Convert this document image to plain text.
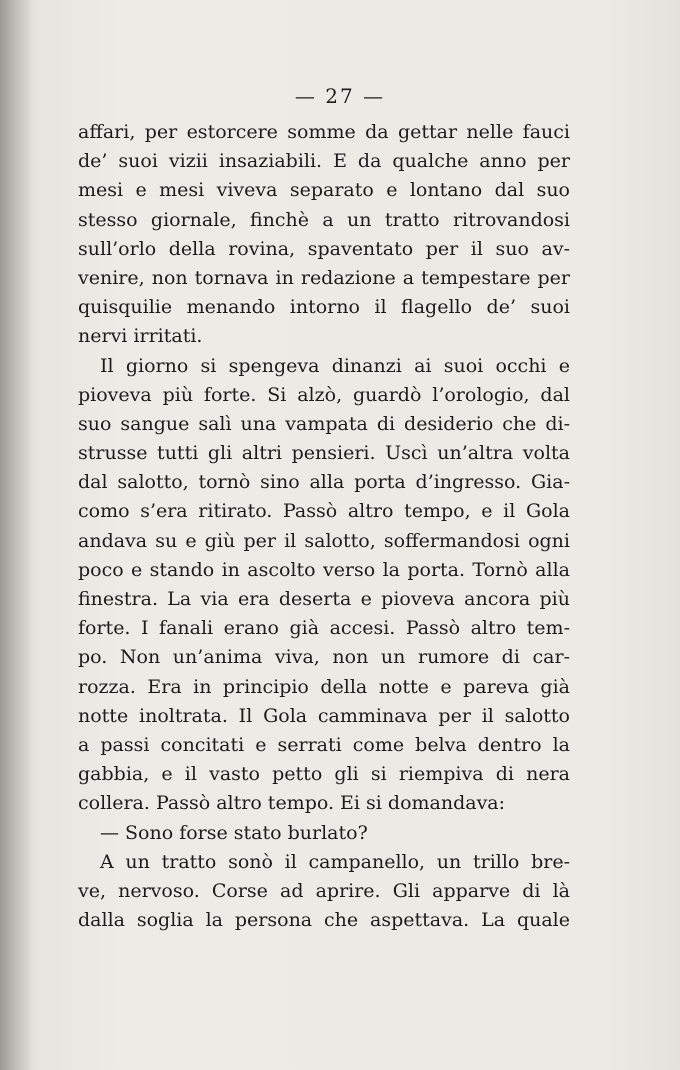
— 27 —
affari, per estorcere somme da gettar nelle fauci
de’ suoi vizii insaziabili. E da qualche anno per
mesi e mesi viveva separato e lontano dal suo
stesso giornale, finchè a un tratto ritrovandosi
sull’orlo della rovina, spaventato per il suo av-
venire, non tornava in redazione a tempestare per
quisquilie menando intorno il flagello de’ suoi
nervi irritati.
Il giorno si spengeva dinanzi ai suoi occhi e
pioveva più forte. Si alzò, guardò l’orologio, dal
suo sangue salì una vampata di desiderio che di-
strusse tutti gli altri pensieri. Uscì un’altra volta
dal salotto, tornò sino alla porta d’ingresso. Gia-
como s’era ritirato. Passò altro tempo, e il Gola
andava su e giù per il salotto, soffermandosi ogni
poco e stando in ascolto verso la porta. Tornò alla
finestra. La via era deserta e pioveva ancora più
forte. I fanali erano già accesi. Passò altro tem-
po. Non un’anima viva, non un rumore di car-
rozza. Era in principio della notte e pareva già
notte inoltrata. Il Gola camminava per il salotto
a passi concitati e serrati come belva dentro la
gabbia, e il vasto petto gli si riempiva di nera
collera. Passò altro tempo. Ei si domandava:
— Sono forse stato burlato?
A un tratto sonò il campanello, un trillo bre-
ve, nervoso. Corse ad aprire. Gli apparve di là
dalla soglia la persona che aspettava. La quale
